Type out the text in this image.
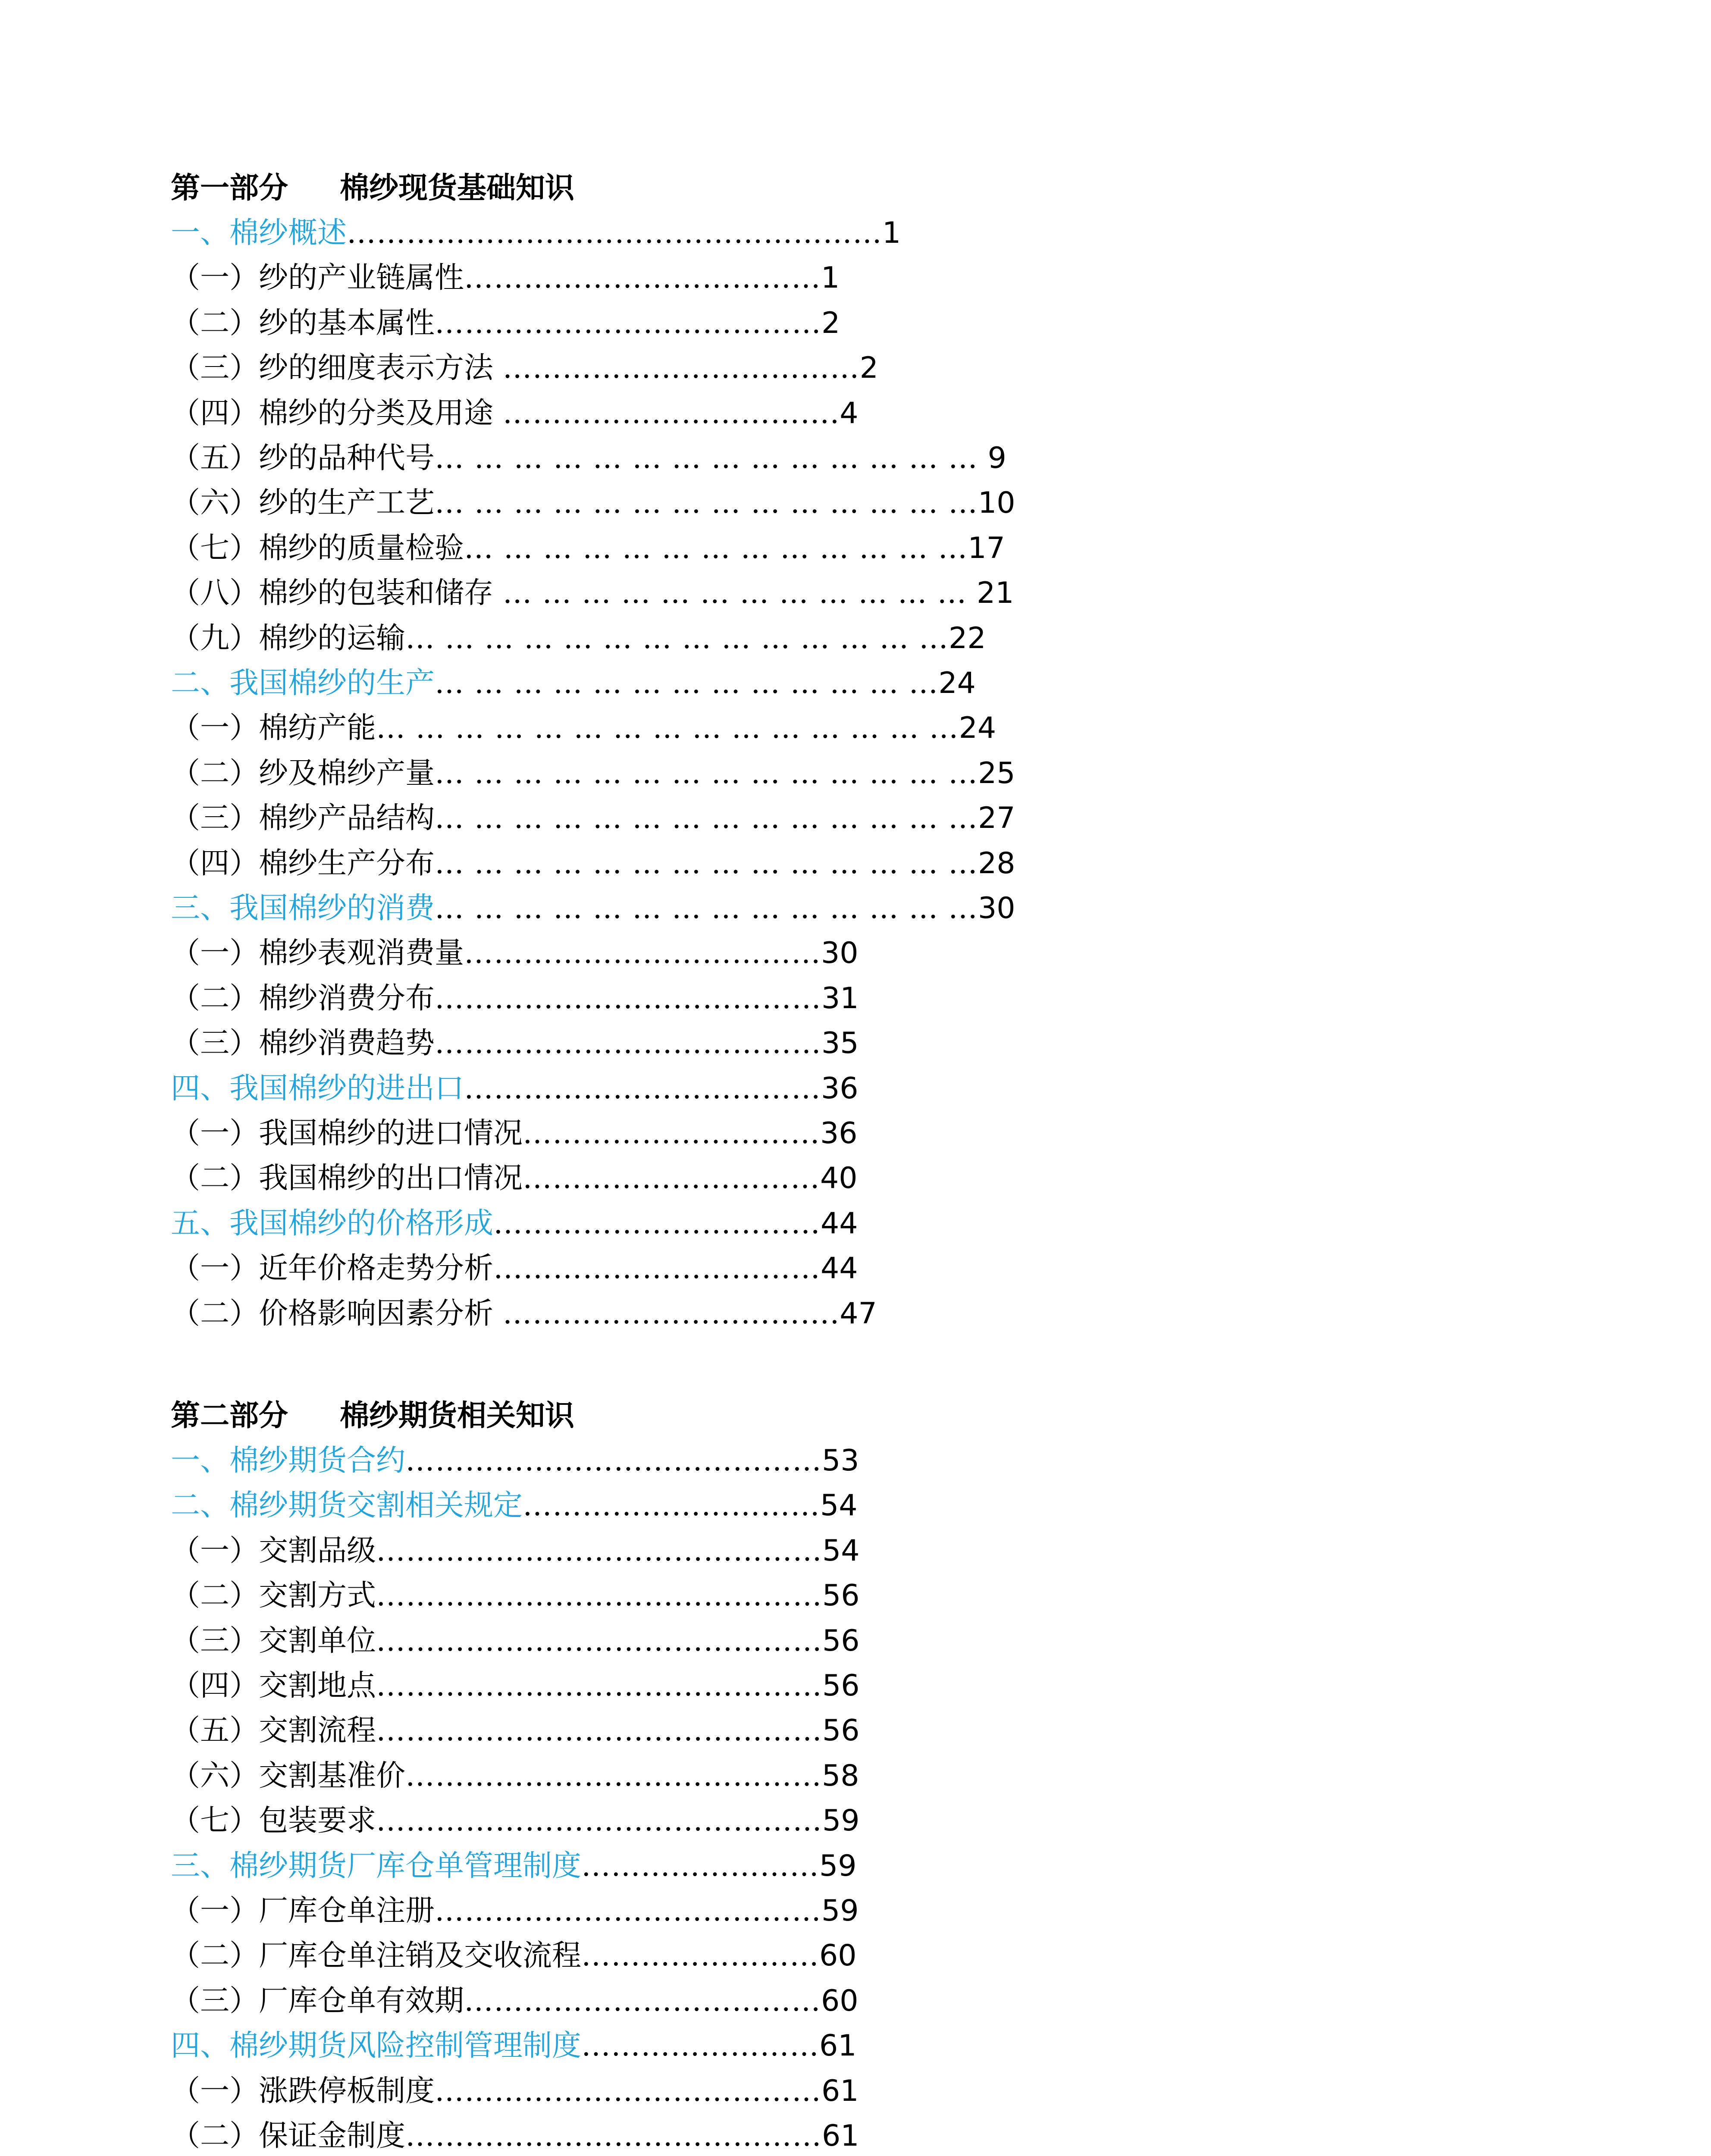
第一部分 棉纱现货基础知识
一、棉纱概述………………………………………………1
（一）纱的产业链属性………………………………1
（二）纱的基本属性…………………………………2
（三）纱的细度表示方法 ………………………………2
（四）棉纱的分类及用途 …………………………….4
（五）纱的品种代号… … … … … … … … … … … … … … 9
（六）纱的生产工艺… … … … … … … … … … … … … …10
（七）棉纱的质量检验… … … … … … … … … … … … …17
（八）棉纱的包装和储存 … … … … … … … … … … … … 21
（九）棉纱的运输… … … … … … … … … … … … … …22
二、我国棉纱的生产… … … … … … … … … … … … …24
（一）棉纺产能… … … … … … … … … … … … … … …24
（二）纱及棉纱产量… … … … … … … … … … … … … …25
（三）棉纱产品结构… … … … … … … … … … … … … …27
（四）棉纱生产分布… … … … … … … … … … … … … …28
三、我国棉纱的消费… … … … … … … … … … … … … …30
（一）棉纱表观消费量………………………………30
（二）棉纱消费分布…………………………………31
（三）棉纱消费趋势…………………………………35
四、我国棉纱的进出口………………………………36
（一）我国棉纱的进口情况…………………………36
（二）我国棉纱的出口情况…………………………40
五、我国棉纱的价格形成……………………………44
（一）近年价格走势分析……………………………44
（二）价格影响因素分析 …………………………….47
第二部分 棉纱期货相关知识
一、棉纱期货合约……………………………………53
二、棉纱期货交割相关规定…………………………54
（一）交割品级………………………………………54
（二）交割方式………………………………………56
（三）交割单位………………………………………56
（四）交割地点………………………………………56
（五）交割流程………………………………………56
（六）交割基准价……………………………………58
（七）包装要求………………………………………59
三、棉纱期货厂库仓单管理制度……………………59
（一）厂库仓单注册…………………………………59
（二）厂库仓单注销及交收流程……………………60
（三）厂库仓单有效期………………………………60
四、棉纱期货风险控制管理制度……………………61
（一）涨跌停板制度…………………………………61
（二）保证金制度……………………………………61
